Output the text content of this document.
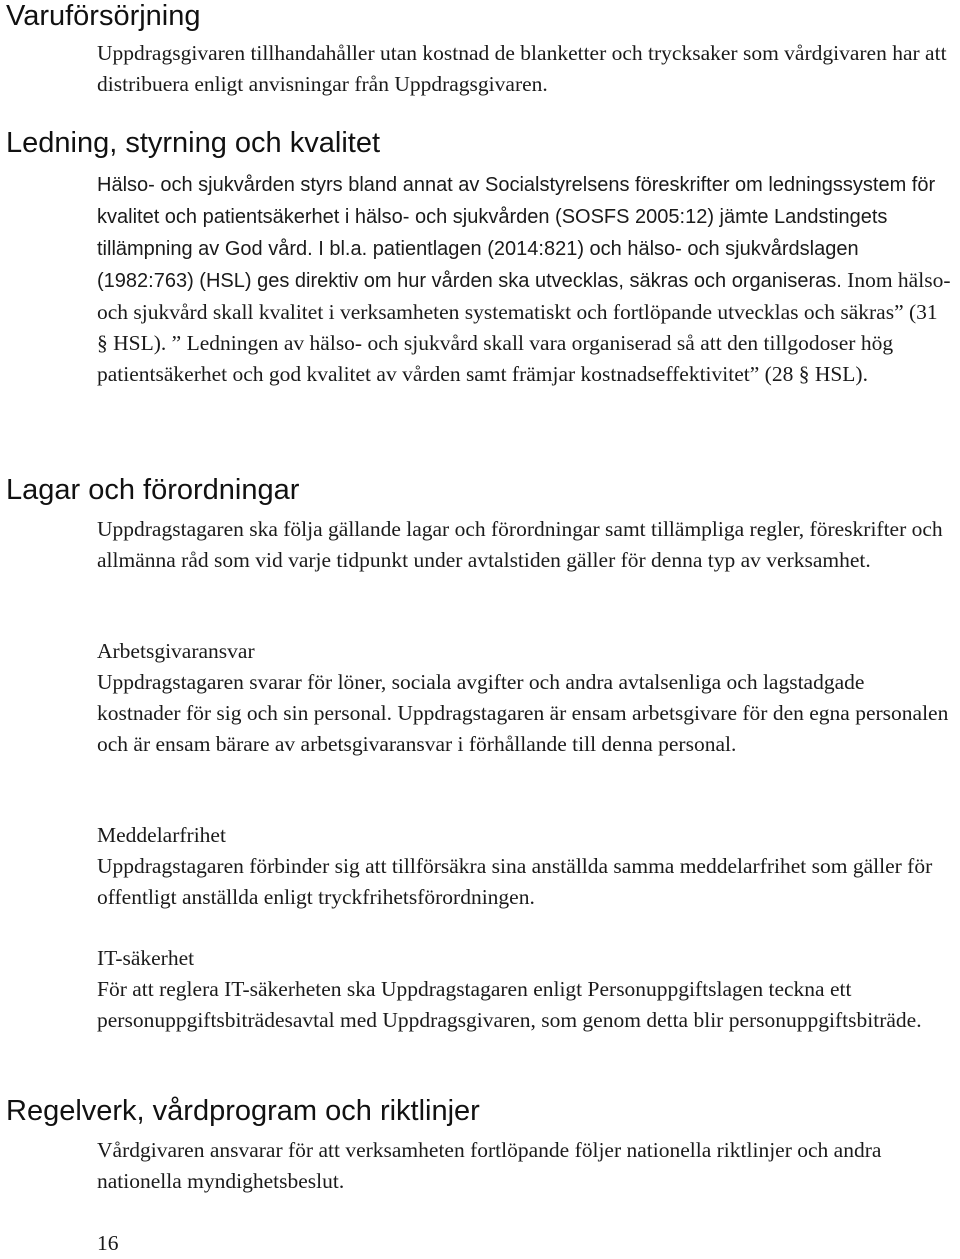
Varuförsörjning

Uppdragsgivaren tillhandahåller utan kostnad de blanketter och trycksaker som vårdgivaren har att distribuera enligt anvisningar från Uppdragsgivaren.

Ledning, styrning och kvalitet
Hälso- och sjukvården styrs bland annat av Socialstyrelsens föreskrifter om ledningssystem för kvalitet och patientsäkerhet i hälso- och sjukvården (SOSFS 2005:12) jämte Landstingets tillämpning av God vård. I bl.a. patientlagen (2014:821) och hälso- och sjukvårdslagen (1982:763) (HSL) ges direktiv om hur vården ska utvecklas, säkras och organiseras. Inom hälso- och sjukvård skall kvalitet i verksamheten systematiskt och fortlöpande utvecklas och säkras” (31 § HSL). ” Ledningen av hälso- och sjukvård skall vara organiserad så att den tillgodoser hög patientsäkerhet och god kvalitet av vården samt främjar kostnadseffektivitet” (28 § HSL).
Lagar och förordningar

Uppdragstagaren ska följa gällande lagar och förordningar samt tillämpliga regler, föreskrifter och allmänna råd som vid varje tidpunkt under avtalstiden gäller för denna typ av verksamhet.

Arbetsgivaransvar

Uppdragstagaren svarar för löner, sociala avgifter och andra avtalsenliga och lagstadgade kostnader för sig och sin personal. Uppdragstagaren är ensam arbetsgivare för den egna personalen och är ensam bärare av arbetsgivaransvar i förhållande till denna personal.

Meddelarfrihet

Uppdragstagaren förbinder sig att tillförsäkra sina anställda samma meddelarfrihet som gäller för offentligt anställda enligt tryckfrihetsförordningen.

IT-säkerhet

För att reglera IT-säkerheten ska Uppdragstagaren enligt Personuppgiftslagen teckna ett personuppgiftsbiträdesavtal med Uppdragsgivaren, som genom detta blir personuppgiftsbiträde.

Regelverk, vårdprogram och riktlinjer

Vårdgivaren ansvarar för att verksamheten fortlöpande följer nationella riktlinjer och andra nationella myndighetsbeslut.

16
